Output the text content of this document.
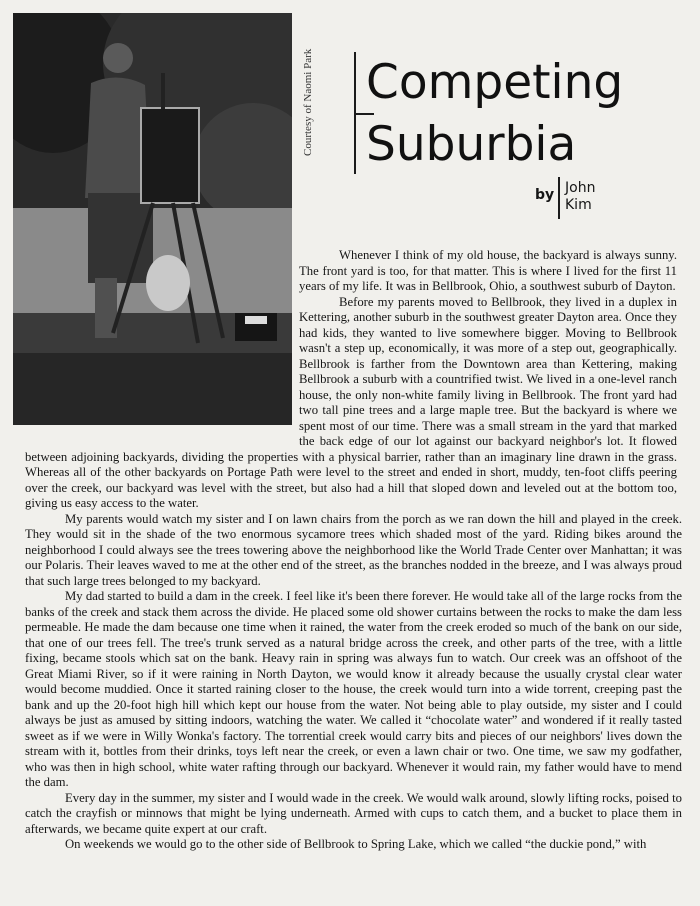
Courtesy of Naomi Park Competing
Suburbia
by John
Kim

Whenever I think of my old house, the backyard is always sunny. The front yard is too, for that matter. This is where I lived for the first 11 years of my life. It was in Bellbrook, Ohio, a southwest suburb of Dayton.

Before my parents moved to Bellbrook, they lived in a duplex in Kettering, another suburb in the southwest greater Dayton area. Once they had kids, they wanted to live somewhere bigger. Moving to Bellbrook wasn't a step up, economically, it was more of a step out, geographically. Bellbrook is farther from the Downtown area than Kettering, making Bellbrook a suburb with a countrified twist. We lived in a one-level ranch house, the only non-white family living in Bellbrook. The front yard had two tall pine trees and a large maple tree. But the backyard is where we spent most of our time. There was a small stream in the yard that marked the back edge of our lot against our backyard neighbor's lot. It flowed between adjoining backyards, dividing the properties with a physical barrier, rather than an imaginary line drawn in the grass. Whereas all of the other backyards on Portage Path were level to the street and ended in short, muddy, ten-foot cliffs peering over the creek, our backyard was level with the street, but also had a hill that sloped down and leveled out at the bottom too, giving us easy access to the water.

My parents would watch my sister and I on lawn chairs from the porch as we ran down the hill and played in the creek. They would sit in the shade of the two enormous sycamore trees which shaded most of the yard. Riding bikes around the neighborhood I could always see the trees towering above the neighborhood like the World Trade Center over Manhattan; it was our Polaris. Their leaves waved to me at the other end of the street, as the branches nodded in the breeze, and I was always proud that such large trees belonged to my backyard.

My dad started to build a dam in the creek. I feel like it's been there forever. He would take all of the large rocks from the banks of the creek and stack them across the divide. He placed some old shower curtains between the rocks to make the dam less permeable. He made the dam because one time when it rained, the water from the creek eroded so much of the bank on our side, that one of our trees fell. The tree's trunk served as a natural bridge across the creek, and other parts of the tree, with a little fixing, became stools which sat on the bank. Heavy rain in spring was always fun to watch. Our creek was an offshoot of the Great Miami River, so if it were raining in North Dayton, we would know it already because the usually crystal clear water would become muddied. Once it started raining closer to the house, the creek would turn into a wide torrent, creeping past the bank and up the 20-foot high hill which kept our house from the water. Not being able to play outside, my sister and I could always be just as amused by sitting indoors, watching the water. We called it “chocolate water” and wondered if it really tasted sweet as if we were in Willy Wonka's factory. The torrential creek would carry bits and pieces of our neighbors' lives down the stream with it, bottles from their drinks, toys left near the creek, or even a lawn chair or two. One time, we saw my godfather, who was then in high school, white water rafting through our backyard. Whenever it would rain, my father would have to mend the dam.

Every day in the summer, my sister and I would wade in the creek. We would walk around, slowly lifting rocks, poised to catch the crayfish or minnows that might be lying underneath. Armed with cups to catch them, and a bucket to place them in afterwards, we became quite expert at our craft.

On weekends we would go to the other side of Bellbrook to Spring Lake, which we called “the duckie pond,” with
